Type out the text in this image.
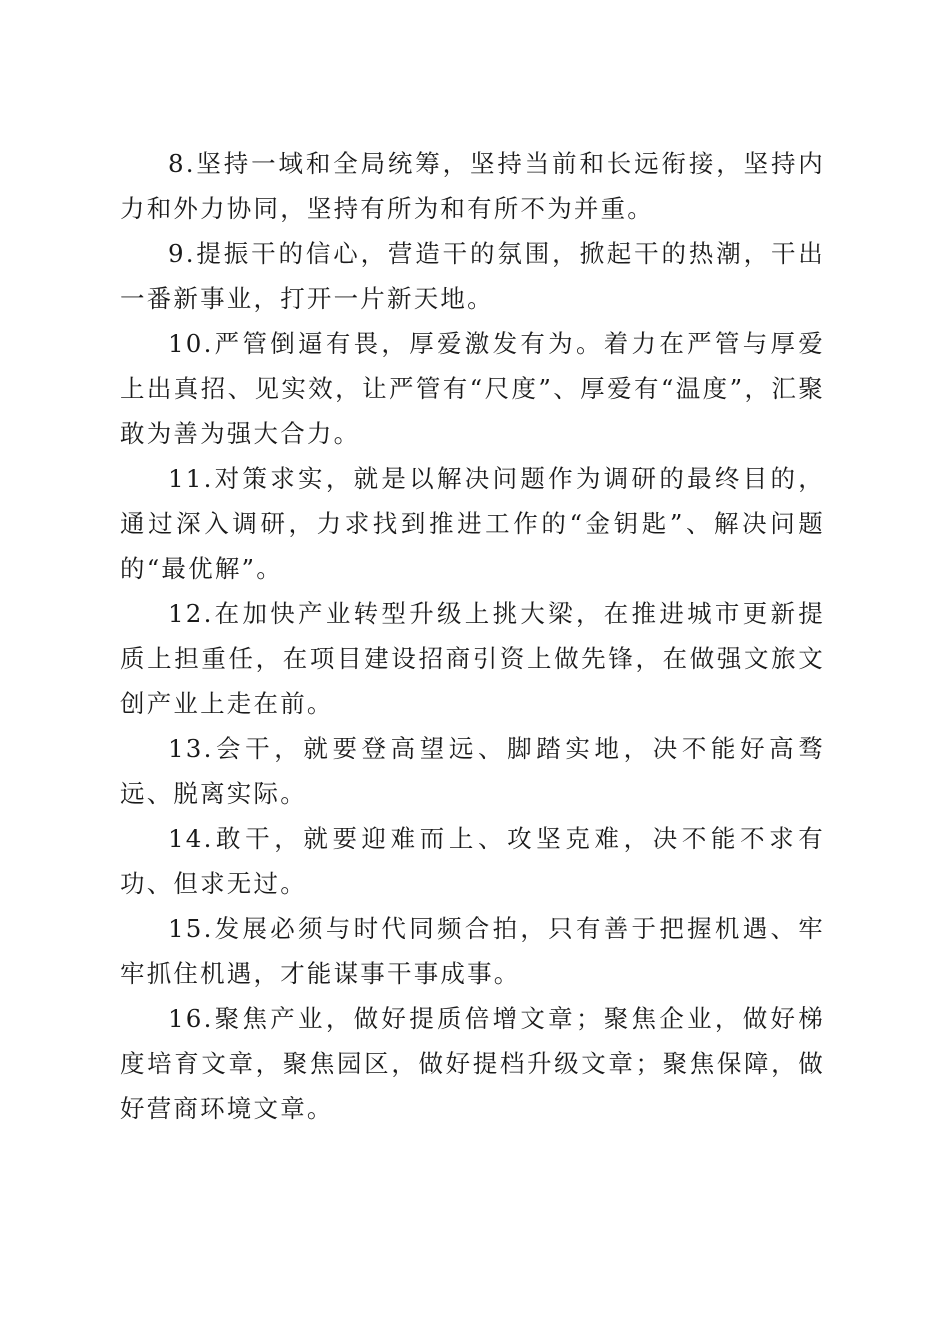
8.坚持一域和全局统筹，坚持当前和长远衔接，坚持内力和外力协同，坚持有所为和有所不为并重。

9.提振干的信心，营造干的氛围，掀起干的热潮，干出一番新事业，打开一片新天地。

10.严管倒逼有畏，厚爱激发有为。着力在严管与厚爱上出真招、见实效，让严管有“尺度”、厚爱有“温度”，汇聚敢为善为强大合力。

11.对策求实，就是以解决问题作为调研的最终目的，通过深入调研，力求找到推进工作的“金钥匙”、解决问题的“最优解”。

12.在加快产业转型升级上挑大梁，在推进城市更新提质上担重任，在项目建设招商引资上做先锋，在做强文旅文创产业上走在前。

13.会干，就要登高望远、脚踏实地，决不能好高骛远、脱离实际。

14.敢干，就要迎难而上、攻坚克难，决不能不求有功、但求无过。

15.发展必须与时代同频合拍，只有善于把握机遇、牢牢抓住机遇，才能谋事干事成事。

16.聚焦产业，做好提质倍增文章；聚焦企业，做好梯度培育文章，聚焦园区，做好提档升级文章；聚焦保障，做好营商环境文章。
